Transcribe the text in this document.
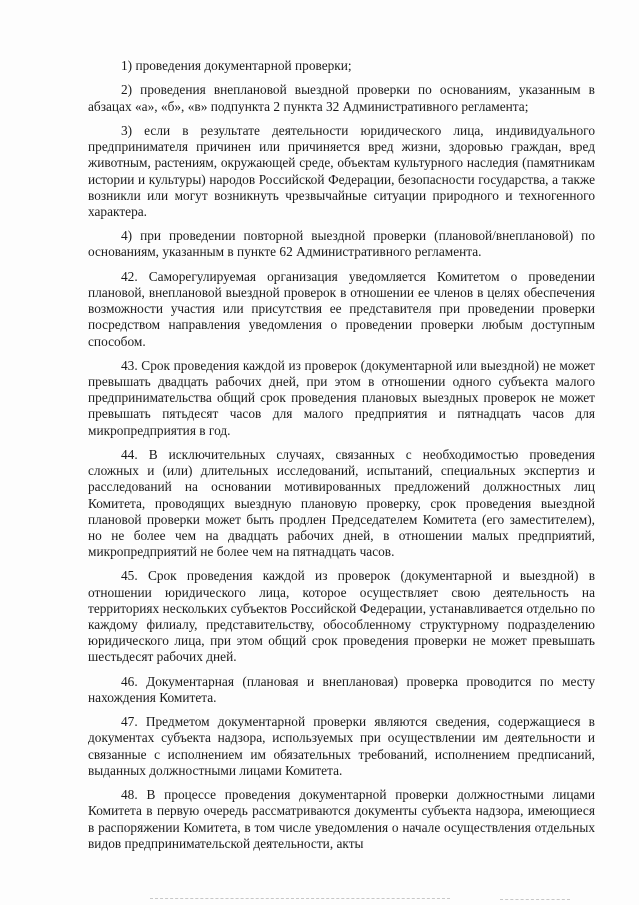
1) проведения документарной проверки;

2) проведения внеплановой выездной проверки по основаниям, указанным в абзацах «а», «б», «в» подпункта 2 пункта 32 Административного регламента;

3) если в результате деятельности юридического лица, индивидуального предпринимателя причинен или причиняется вред жизни, здоровью граждан, вред животным, растениям, окружающей среде, объектам культурного наследия (памятникам истории и культуры) народов Российской Федерации, безопасности государства, а также возникли или могут возникнуть чрезвычайные ситуации природного и техногенного характера.

4) при проведении повторной выездной проверки (плановой/внеплановой) по основаниям, указанным в пункте 62 Административного регламента.

42. Саморегулируемая организация уведомляется Комитетом о проведении плановой, внеплановой выездной проверок в отношении ее членов в целях обеспечения возможности участия или присутствия ее представителя при проведении проверки посредством направления уведомления о проведении проверки любым доступным способом.

43. Срок проведения каждой из проверок (документарной или выездной) не может превышать двадцать рабочих дней, при этом в отношении одного субъекта малого предпринимательства общий срок проведения плановых выездных проверок не может превышать пятьдесят часов для малого предприятия и пятнадцать часов для микропредприятия в год.

44. В исключительных случаях, связанных с необходимостью проведения сложных и (или) длительных исследований, испытаний, специальных экспертиз и расследований на основании мотивированных предложений должностных лиц Комитета, проводящих выездную плановую проверку, срок проведения выездной плановой проверки может быть продлен Председателем Комитета (его заместителем), но не более чем на двадцать рабочих дней, в отношении малых предприятий, микропредприятий не более чем на пятнадцать часов.

45. Срок проведения каждой из проверок (документарной и выездной) в отношении юридического лица, которое осуществляет свою деятельность на территориях нескольких субъектов Российской Федерации, устанавливается отдельно по каждому филиалу, представительству, обособленному структурному подразделению юридического лица, при этом общий срок проведения проверки не может превышать шестьдесят рабочих дней.

46. Документарная (плановая и внеплановая) проверка проводится по месту нахождения Комитета.

47. Предметом документарной проверки являются сведения, содержащиеся в документах субъекта надзора, используемых при осуществлении им деятельности и связанные с исполнением им обязательных требований, исполнением предписаний, выданных должностными лицами Комитета.

48. В процессе проведения документарной проверки должностными лицами Комитета в первую очередь рассматриваются документы субъекта надзора, имеющиеся в распоряжении Комитета, в том числе уведомления о начале осуществления отдельных видов предпринимательской деятельности, акты
